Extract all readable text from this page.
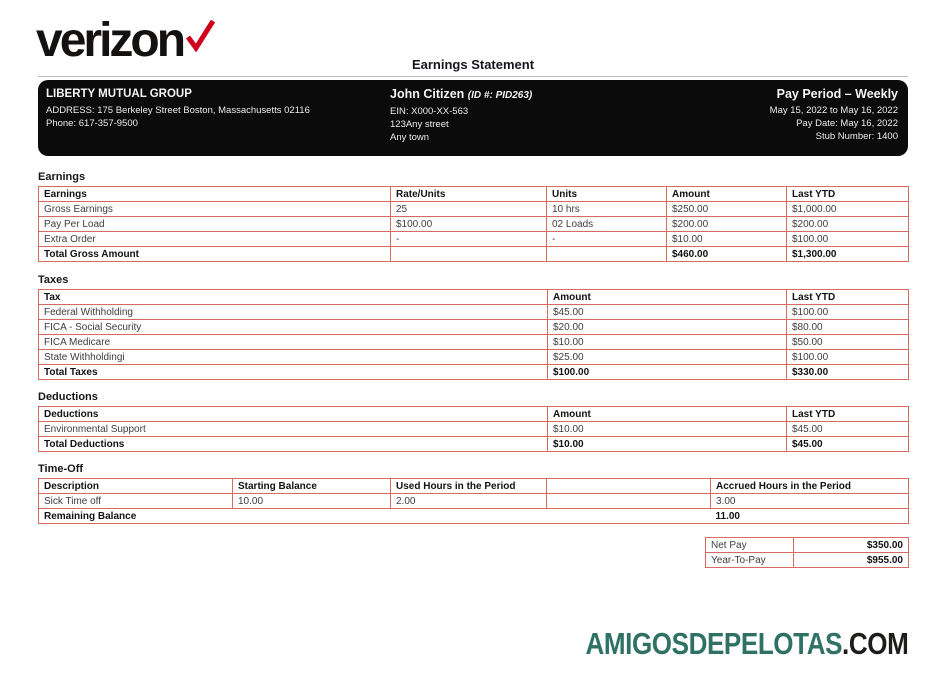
verizon	Earnings Statement
LIBERTY MUTUAL GROUP
ADDRESS: 175 Berkeley Street Boston, Massachusetts 02116
Phone: 617-357-9500
John Citizen (ID #: PID263)
EIN: X000-XX-563
123Any street
Any town
Pay Period – Weekly
May 15, 2022 to May 16, 2022
Pay Date: May 16, 2022
Stub Number: 1400
Earnings
Earnings	Rate/Units	Units	Amount	Last YTD
Gross Earnings	25	10 hrs	$250.00	$1,000.00
Pay Per Load	$100.00	02 Loads	$200.00	$200.00
Extra Order	-	-	$10.00	$100.00
Total Gross Amount			$460.00	$1,300.00
Taxes
Tax	Amount	Last YTD
Federal Withholding	$45.00	$100.00
FICA - Social Security	$20.00	$80.00
FICA Medicare	$10.00	$50.00
State Withholdingi	$25.00	$100.00
Total Taxes	$100.00	$330.00
Deductions
Deductions	Amount	Last YTD
Environmental Support	$10.00	$45.00
Total Deductions	$10.00	$45.00
Time-Off
Description	Starting Balance	Used Hours in the Period		Accrued Hours in the Period
Sick Time off	10.00	2.00		3.00
Remaining Balance				11.00
Net Pay	$350.00
Year-To-Pay	$955.00
AMIGOSDEPELOTAS.COM
